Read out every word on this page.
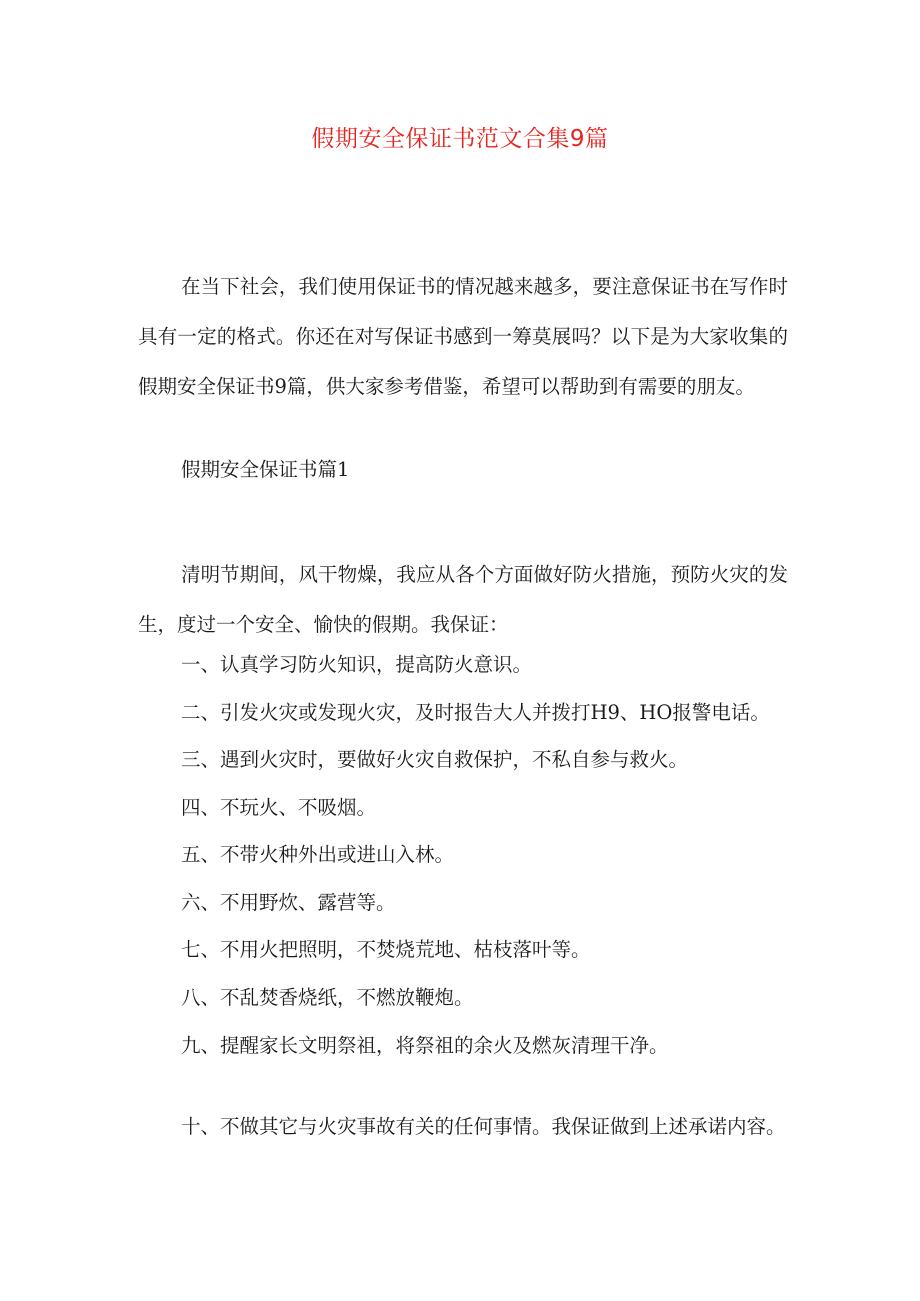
假期安全保证书范文合集9篇

在当下社会，我们使用保证书的情况越来越多，要注意保证书在写作时具有一定的格式。你还在对写保证书感到一筹莫展吗？以下是为大家收集的假期安全保证书9篇，供大家参考借鉴，希望可以帮助到有需要的朋友。

假期安全保证书篇1

清明节期间，风干物燥，我应从各个方面做好防火措施，预防火灾的发生，度过一个安全、愉快的假期。我保证：

一、认真学习防火知识，提高防火意识。

二、引发火灾或发现火灾，及时报告大人并拨打H9、HO报警电话。

三、遇到火灾时，要做好火灾自救保护，不私自参与救火。

四、不玩火、不吸烟。

五、不带火种外出或进山入林。

六、不用野炊、露营等。

七、不用火把照明，不焚烧荒地、枯枝落叶等。

八、不乱焚香烧纸，不燃放鞭炮。

九、提醒家长文明祭祖，将祭祖的余火及燃灰清理干净。

十、不做其它与火灾事故有关的任何事情。我保证做到上述承诺内容。
